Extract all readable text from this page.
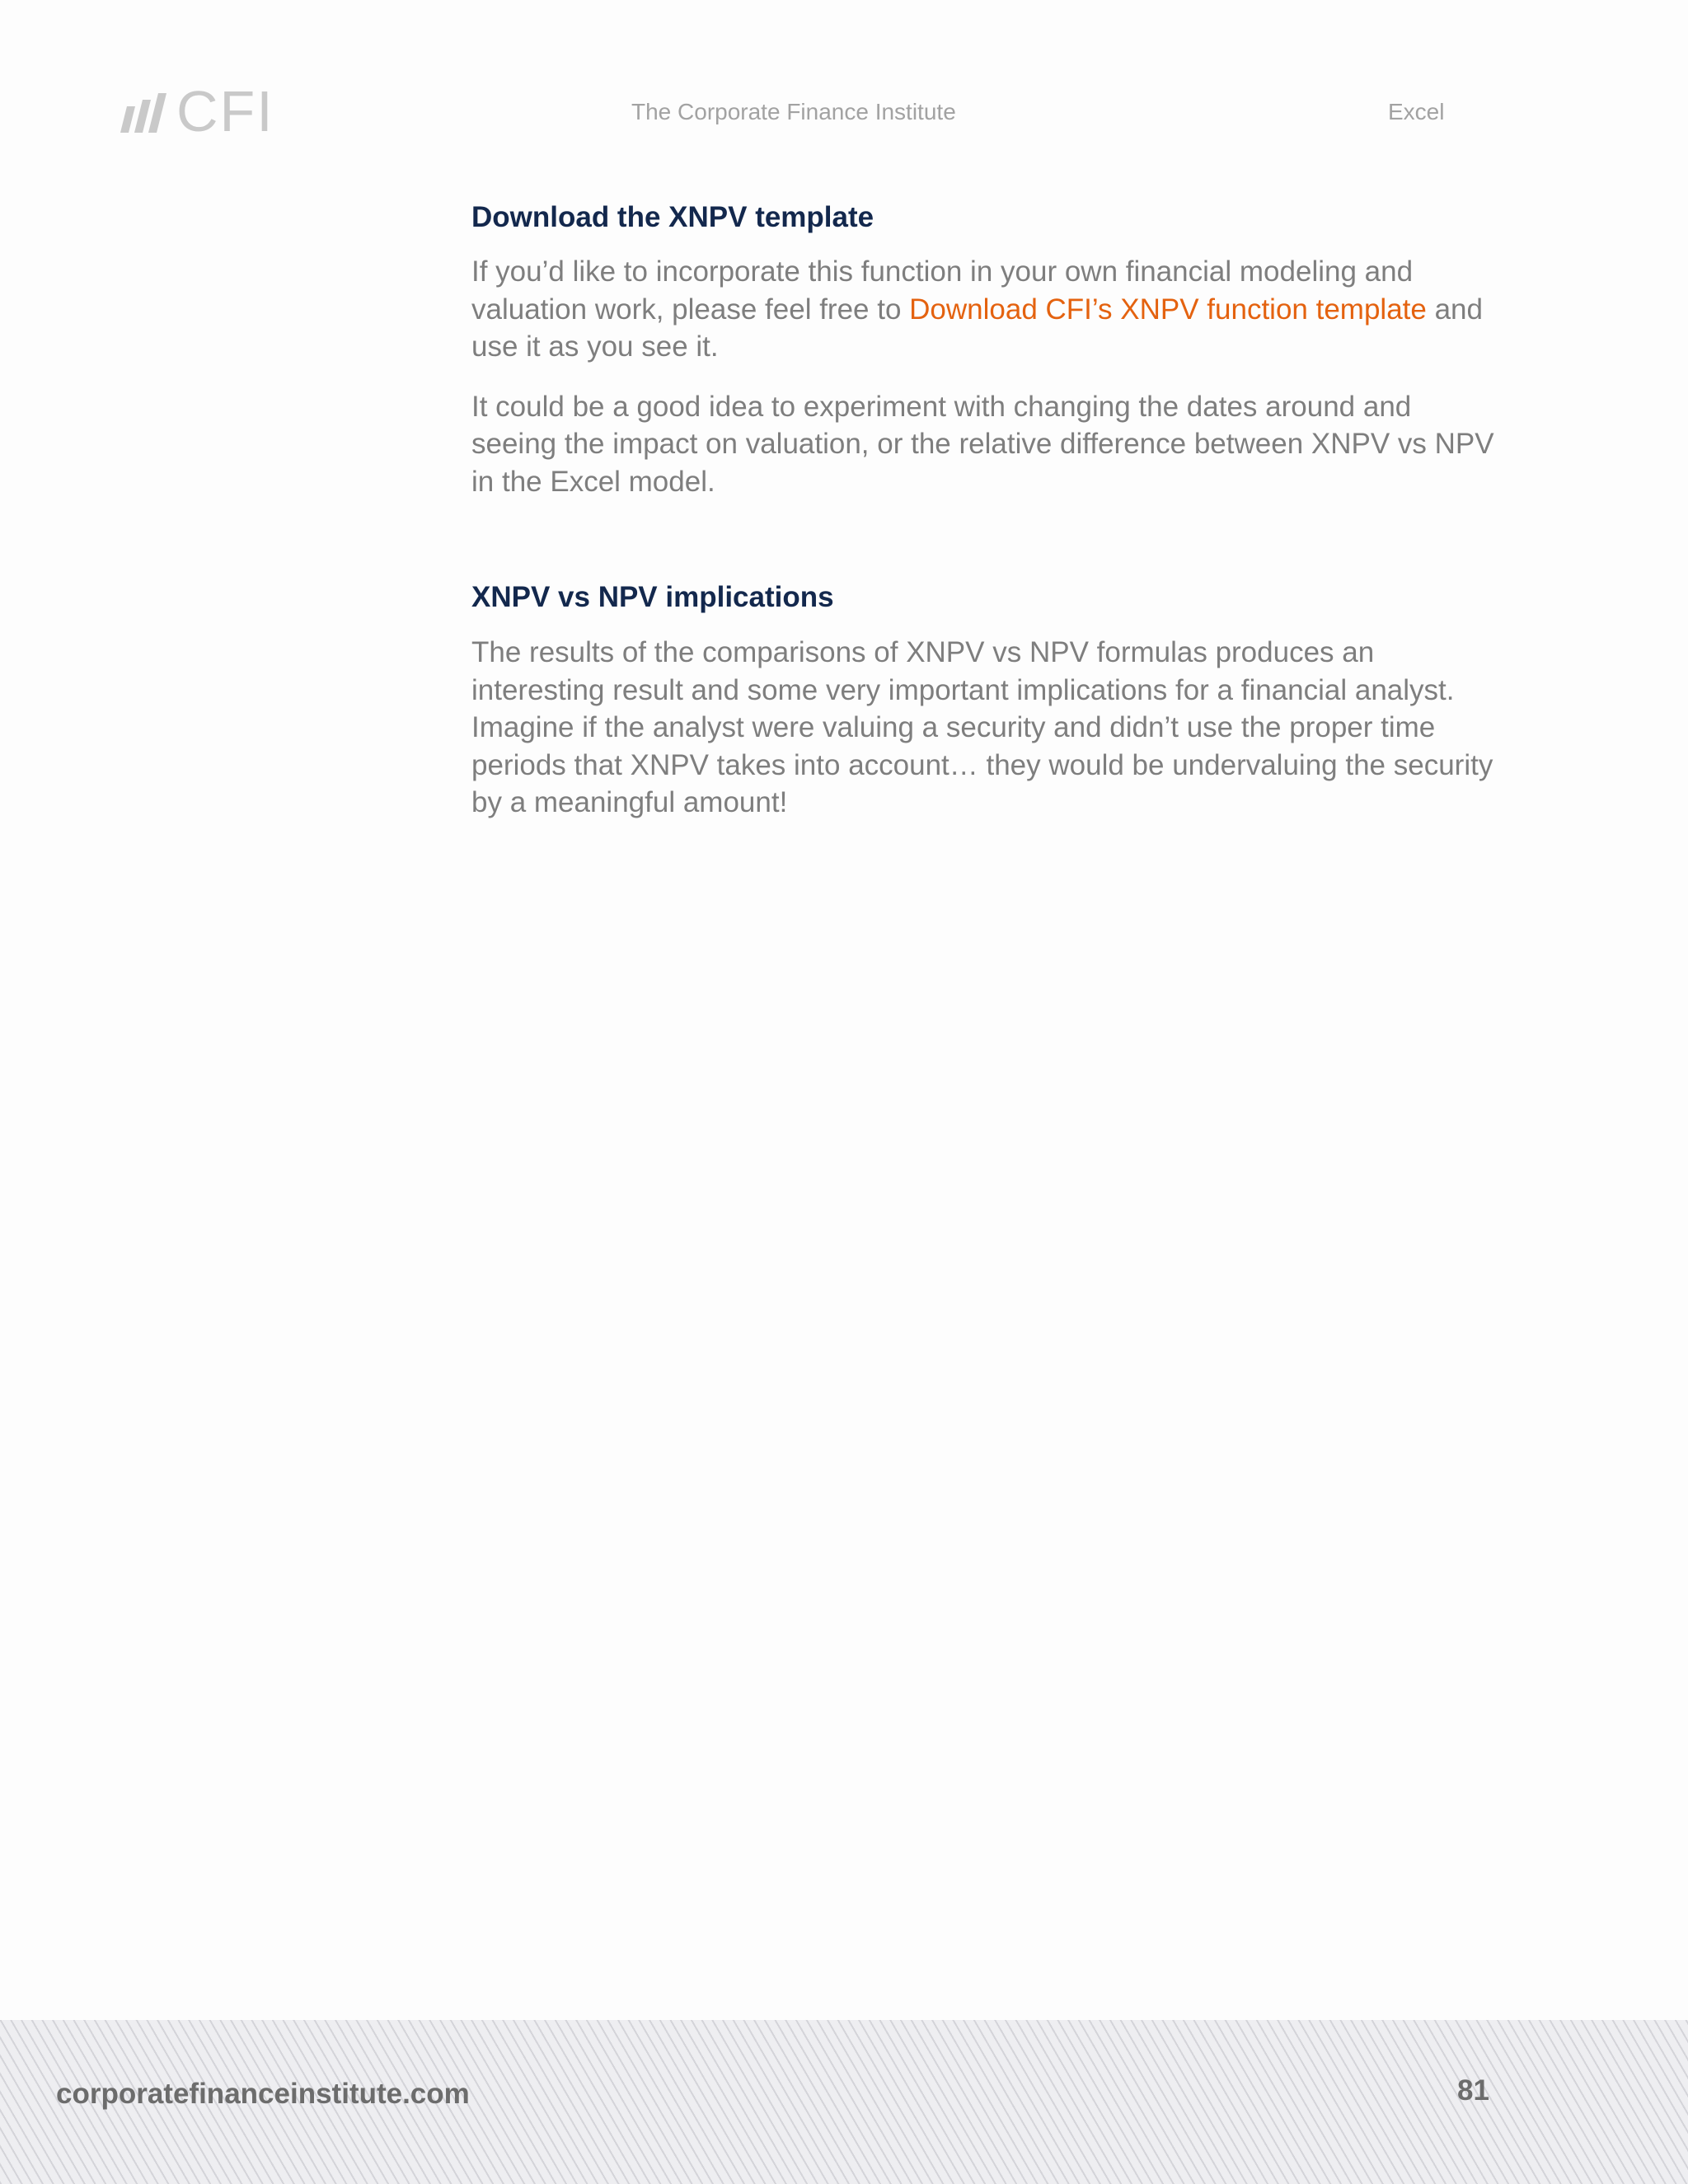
CFI	The Corporate Finance Institute	Excel
Download the XNPV template

If you’d like to incorporate this function in your own financial modeling and valuation work, please feel free to Download CFI’s XNPV function template and use it as you see it.

It could be a good idea to experiment with changing the dates around and seeing the impact on valuation, or the relative difference between XNPV vs NPV in the Excel model.

XNPV vs NPV implications

The results of the comparisons of XNPV vs NPV formulas produces an interesting result and some very important implications for a financial analyst. Imagine if the analyst were valuing a security and didn’t use the proper time periods that XNPV takes into account… they would be undervaluing the security by a meaningful amount!

corporatefinanceinstitute.com	81
